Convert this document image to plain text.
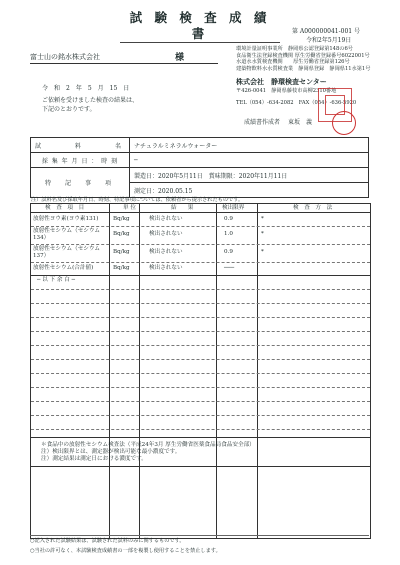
試 験 検 査 成 績 書	第 A000000041-001 号
令和2年5月19日
環境計量証明事業所　静岡県公認登録第148の6号
食品衛生法登録検査機関 厚生労働省登録番号6022001号
水道水水質検査機関　　厚生労働省登録第126号
建築物飲料水水質検査業　静岡県登録　静岡県11水第1号
株式会社　静環検査センター
〒426-0041　静岡県藤枝市高柳2310番地
TEL（054）-634-2082　FAX（054）-636-5920
成績書作成者 東坂　義
富士山の銘水株式会社	様
令　和　2　年　5　月　15　日
ご依頼を受けました検査の結果は、
下記のとおりです。
試　　　料　　　名	ナチュラルミネラルウォーター
採 集 年 月 日 ： 時 刻	─
特　記　事　項	製造日：2020年5月11日　賞味期限：2020年11月11日
	測定日：2020.05.15
注）試料名及び採取年月日、時刻、特記事項については、依頼者から提示されたものです。
検　査　項　目	単 位	結　　果	検出限界	検　査　方　法
放射性ヨウ素(ヨウ素131)	Bq/kg	検出されない	0.9	*
放射性セシウム（セシウム
134）
Bq/kg	検出されない	1.0	*
放射性セシウム（セシウム
137）
Bq/kg	検出されない	0.9	*
放射性セシウム(合計値)	Bq/kg	検出されない	───
─ 以 下 余 白 ─
＊食品中の放射性セシウム検査法（平成24年3月 厚生労働省医薬食品局食品安全部）
注）検出限界とは、測定器が検出可能な最小濃度です。
注）測定結果は測定日における濃度です。
○記入された試験結果は、試験された試料のみに関するものです。
○当社の許可なく、本試験検査成績書の一部を複製し使用することを禁止します。
